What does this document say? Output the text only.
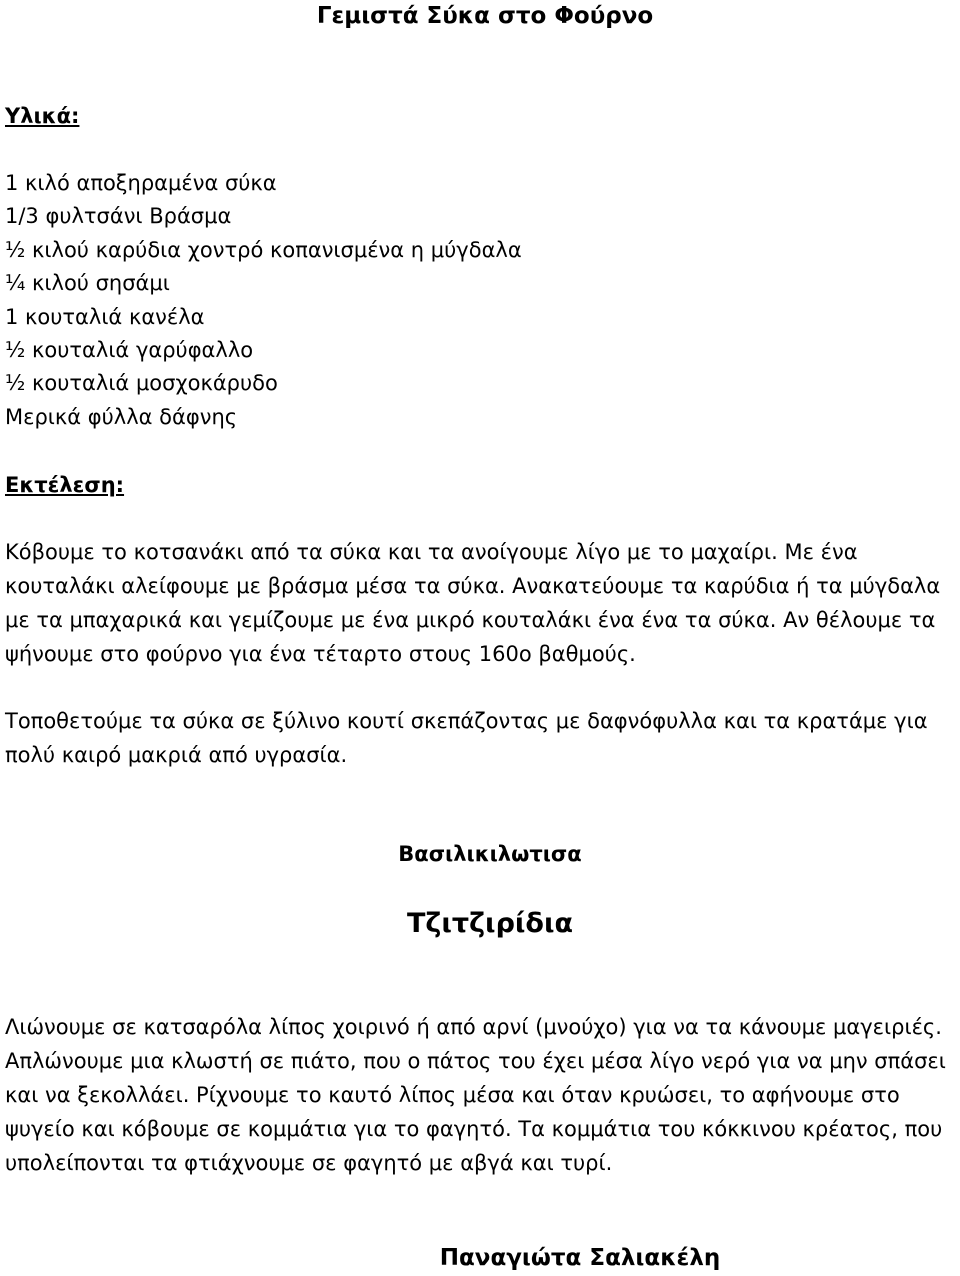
Γεμιστά Σύκα στο Φούρνο
Υλικά:
1 κιλό αποξηραμένα σύκα
1/3 φυλτσάνι Βράσμα
½ κιλού καρύδια χοντρό κοπανισμένα η μύγδαλα
¼ κιλού σησάμι
1 κουταλιά κανέλα
½ κουταλιά γαρύφαλλο
½ κουταλιά μοσχοκάρυδο
Μερικά φύλλα δάφνης
Εκτέλεση:

Κόβουμε το κοτσανάκι από τα σύκα και τα ανοίγουμε λίγο με το μαχαίρι. Με ένα κουταλάκι αλείφουμε με βράσμα μέσα τα σύκα. Ανακατεύουμε τα καρύδια ή τα μύγδαλα με τα μπαχαρικά και γεμίζουμε με ένα μικρό κουταλάκι ένα ένα τα σύκα. Αν θέλουμε τα ψήνουμε στο φούρνο για ένα τέταρτο στους 160ο βαθμούς.

Τοποθετούμε τα σύκα σε ξύλινο κουτί σκεπάζοντας με δαφνόφυλλα και τα κρατάμε για πολύ καιρό μακριά από υγρασία.

Βασιλικιλωτισα
Τζιτζιρίδια

Λιώνουμε σε κατσαρόλα λίπος χοιρινό ή από αρνί (μνούχο) για να τα κάνουμε μαγειριές. Απλώνουμε μια κλωστή σε πιάτο, που ο πάτος του έχει μέσα λίγο νερό για να μην σπάσει και να ξεκολλάει. Ρίχνουμε το καυτό λίπος μέσα και όταν κρυώσει, το αφήνουμε στο ψυγείο και κόβουμε σε κομμάτια για το φαγητό. Τα κομμάτια του κόκκινου κρέατος, που υπολείπονται τα φτιάχνουμε σε φαγητό με αβγά και τυρί.

Παναγιώτα Σαλιακέλη
